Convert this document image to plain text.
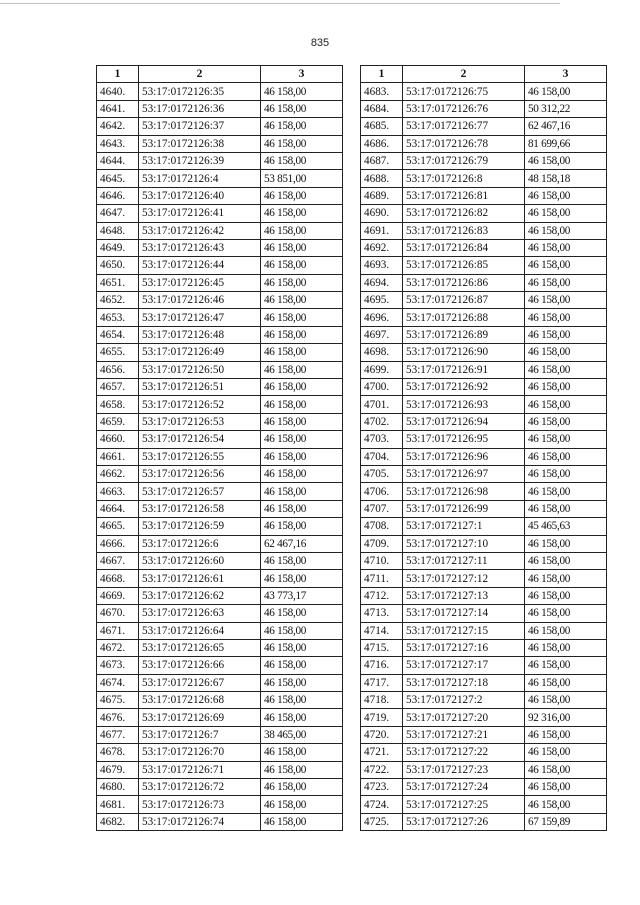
835
1	2	3
4640.	53:17:0172126:35	46 158,00
4641.	53:17:0172126:36	46 158,00
4642.	53:17:0172126:37	46 158,00
4643.	53:17:0172126:38	46 158,00
4644.	53:17:0172126:39	46 158,00
4645.	53:17:0172126:4	53 851,00
4646.	53:17:0172126:40	46 158,00
4647.	53:17:0172126:41	46 158,00
4648.	53:17:0172126:42	46 158,00
4649.	53:17:0172126:43	46 158,00
4650.	53:17:0172126:44	46 158,00
4651.	53:17:0172126:45	46 158,00
4652.	53:17:0172126:46	46 158,00
4653.	53:17:0172126:47	46 158,00
4654.	53:17:0172126:48	46 158,00
4655.	53:17:0172126:49	46 158,00
4656.	53:17:0172126:50	46 158,00
4657.	53:17:0172126:51	46 158,00
4658.	53:17:0172126:52	46 158,00
4659.	53:17:0172126:53	46 158,00
4660.	53:17:0172126:54	46 158,00
4661.	53:17:0172126:55	46 158,00
4662.	53:17:0172126:56	46 158,00
4663.	53:17:0172126:57	46 158,00
4664.	53:17:0172126:58	46 158,00
4665.	53:17:0172126:59	46 158,00
4666.	53:17:0172126:6	62 467,16
4667.	53:17:0172126:60	46 158,00
4668.	53:17:0172126:61	46 158,00
4669.	53:17:0172126:62	43 773,17
4670.	53:17:0172126:63	46 158,00
4671.	53:17:0172126:64	46 158,00
4672.	53:17:0172126:65	46 158,00
4673.	53:17:0172126:66	46 158,00
4674.	53:17:0172126:67	46 158,00
4675.	53:17:0172126:68	46 158,00
4676.	53:17:0172126:69	46 158,00
4677.	53:17:0172126:7	38 465,00
4678.	53:17:0172126:70	46 158,00
4679.	53:17:0172126:71	46 158,00
4680.	53:17:0172126:72	46 158,00
4681.	53:17:0172126:73	46 158,00
4682.	53:17:0172126:74	46 158,00
1	2	3
4683.	53:17:0172126:75	46 158,00
4684.	53:17:0172126:76	50 312,22
4685.	53:17:0172126:77	62 467,16
4686.	53:17:0172126:78	81 699,66
4687.	53:17:0172126:79	46 158,00
4688.	53:17:0172126:8	48 158,18
4689.	53:17:0172126:81	46 158,00
4690.	53:17:0172126:82	46 158,00
4691.	53:17:0172126:83	46 158,00
4692.	53:17:0172126:84	46 158,00
4693.	53:17:0172126:85	46 158,00
4694.	53:17:0172126:86	46 158,00
4695.	53:17:0172126:87	46 158,00
4696.	53:17:0172126:88	46 158,00
4697.	53:17:0172126:89	46 158,00
4698.	53:17:0172126:90	46 158,00
4699.	53:17:0172126:91	46 158,00
4700.	53:17:0172126:92	46 158,00
4701.	53:17:0172126:93	46 158,00
4702.	53:17:0172126:94	46 158,00
4703.	53:17:0172126:95	46 158,00
4704.	53:17:0172126:96	46 158,00
4705.	53:17:0172126:97	46 158,00
4706.	53:17:0172126:98	46 158,00
4707.	53:17:0172126:99	46 158,00
4708.	53:17:0172127:1	45 465,63
4709.	53:17:0172127:10	46 158,00
4710.	53:17:0172127:11	46 158,00
4711.	53:17:0172127:12	46 158,00
4712.	53:17:0172127:13	46 158,00
4713.	53:17:0172127:14	46 158,00
4714.	53:17:0172127:15	46 158,00
4715.	53:17:0172127:16	46 158,00
4716.	53:17:0172127:17	46 158,00
4717.	53:17:0172127:18	46 158,00
4718.	53:17:0172127:2	46 158,00
4719.	53:17:0172127:20	92 316,00
4720.	53:17:0172127:21	46 158,00
4721.	53:17:0172127:22	46 158,00
4722.	53:17:0172127:23	46 158,00
4723.	53:17:0172127:24	46 158,00
4724.	53:17:0172127:25	46 158,00
4725.	53:17:0172127:26	67 159,89
